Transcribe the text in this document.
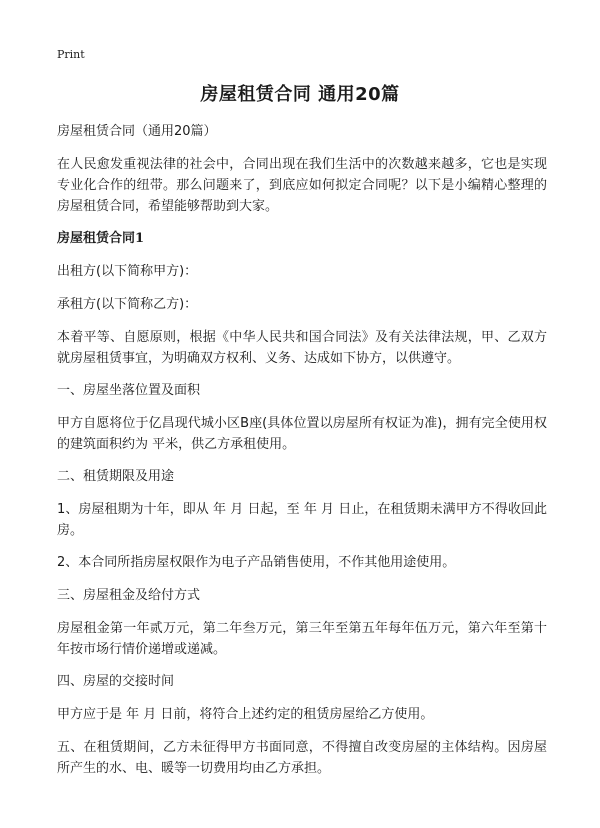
Print
房屋租赁合同 通用20篇

房屋租赁合同（通用20篇）

在人民愈发重视法律的社会中，合同出现在我们生活中的次数越来越多，它也是实现专业化合作的纽带。那么问题来了，到底应如何拟定合同呢？以下是小编精心整理的 房屋租赁合同，希望能够帮助到大家。

房屋租赁合同1

出租方(以下简称甲方)：

承租方(以下简称乙方)：

本着平等、自愿原则，根据《中华人民共和国合同法》及有关法律法规，甲、乙双方就房屋租赁事宜，为明确双方权利、义务、达成如下协方，以供遵守。

一、房屋坐落位置及面积

甲方自愿将位于亿昌现代城小区B座(具体位置以房屋所有权证为准)，拥有完全使用权的建筑面积约为 平米，供乙方承租使用。

二、租赁期限及用途

1、房屋租期为十年，即从 年 月 日起，至 年 月 日止，在租赁期未满甲方不得收回此房。

2、本合同所指房屋权限作为电子产品销售使用，不作其他用途使用。

三、房屋租金及给付方式

房屋租金第一年贰万元，第二年叁万元，第三年至第五年每年伍万元，第六年至第十年按市场行情价递增或递减。

四、房屋的交接时间

甲方应于是 年 月 日前，将符合上述约定的租赁房屋给乙方使用。

五、在租赁期间，乙方未征得甲方书面同意，不得擅自改变房屋的主体结构。因房屋所产生的水、电、暖等一切费用均由乙方承担。
